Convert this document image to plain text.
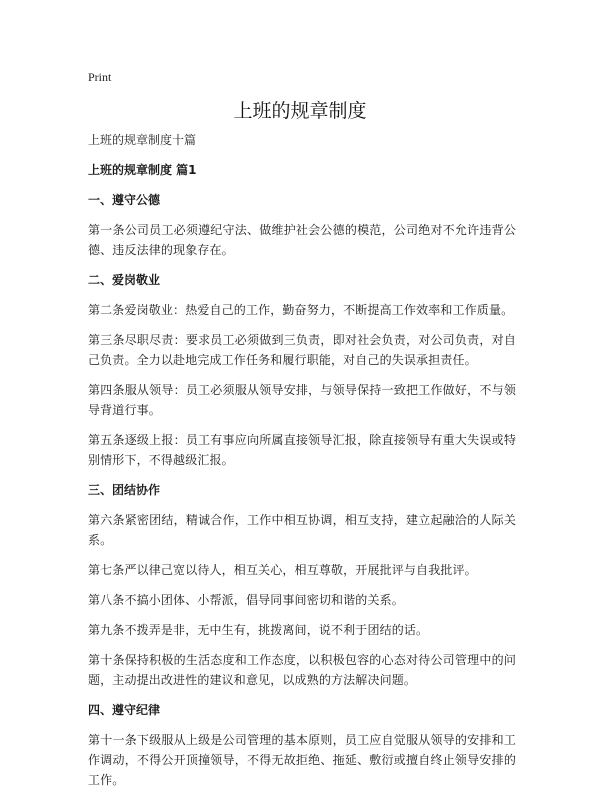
Print
上班的规章制度

上班的规章制度十篇

上班的规章制度 篇1

一、遵守公德

第一条公司员工必须遵纪守法、做维护社会公德的模范，公司绝对不允许违背公德、违反法律的现象存在。

二、爱岗敬业

第二条爱岗敬业：热爱自己的工作，勤奋努力，不断提高工作效率和工作质量。

第三条尽职尽责：要求员工必须做到三负责，即对社会负责，对公司负责，对自己负责。全力以赴地完成工作任务和履行职能，对自己的失误承担责任。

第四条服从领导：员工必须服从领导安排，与领导保持一致把工作做好，不与领导背道行事。

第五条逐级上报：员工有事应向所属直接领导汇报，除直接领导有重大失误或特别情形下，不得越级汇报。

三、团结协作

第六条紧密团结，精诚合作，工作中相互协调，相互支持，建立起融洽的人际关系。

第七条严以律己宽以待人，相互关心，相互尊敬，开展批评与自我批评。

第八条不搞小团体、小帮派，倡导同事间密切和谐的关系。

第九条不拨弄是非，无中生有，挑拨离间，说不利于团结的话。

第十条保持积极的生活态度和工作态度，以积极包容的心态对待公司管理中的问题，主动提出改进性的建议和意见，以成熟的方法解决问题。

四、遵守纪律

第十一条下级服从上级是公司管理的基本原则，员工应自觉服从领导的安排和工作调动，不得公开顶撞领导，不得无故拒绝、拖延、敷衍或擅自终止领导安排的工作。
